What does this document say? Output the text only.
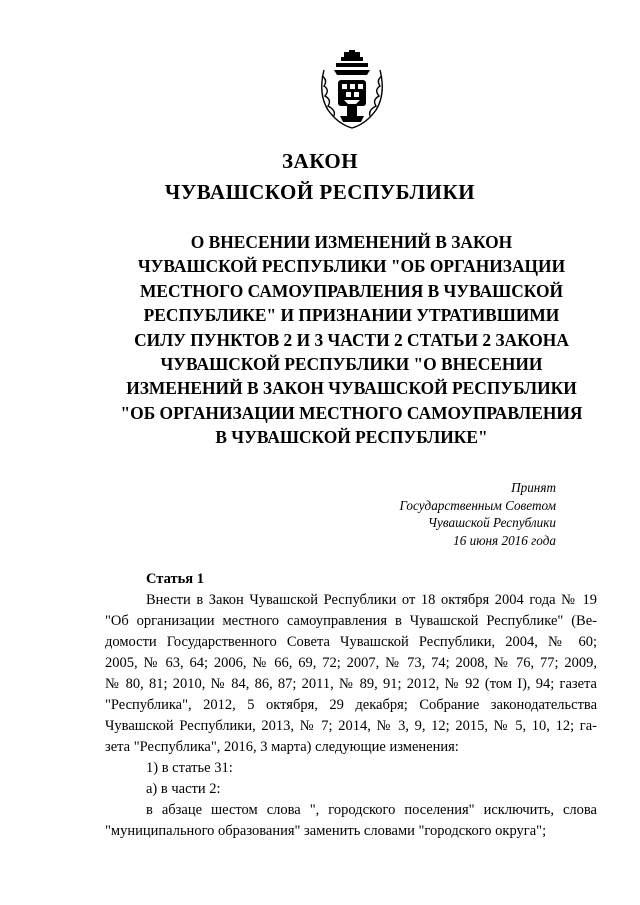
ЗАКОН
ЧУВАШСКОЙ РЕСПУБЛИКИ
О ВНЕСЕНИИ ИЗМЕНЕНИЙ В ЗАКОН
ЧУВАШСКОЙ РЕСПУБЛИКИ "ОБ ОРГАНИЗАЦИИ
МЕСТНОГО САМОУПРАВЛЕНИЯ В ЧУВАШСКОЙ
РЕСПУБЛИКЕ" И ПРИЗНАНИИ УТРАТИВШИМИ
СИЛУ ПУНКТОВ 2 И 3 ЧАСТИ 2 СТАТЬИ 2 ЗАКОНА
ЧУВАШСКОЙ РЕСПУБЛИКИ "О ВНЕСЕНИИ
ИЗМЕНЕНИЙ В ЗАКОН ЧУВАШСКОЙ РЕСПУБЛИКИ
"ОБ ОРГАНИЗАЦИИ МЕСТНОГО САМОУПРАВЛЕНИЯ
В ЧУВАШСКОЙ РЕСПУБЛИКЕ"
Принят
Государственным Советом
Чувашской Республики
16 июня 2016 года
Статья 1
Внести в Закон Чувашской Республики от 18 октября 2004 года № 19
"Об организации местного самоуправления в Чувашской Республике" (Ве-
домости Государственного Совета Чувашской Республики, 2004, № 60;
2005, № 63, 64; 2006, № 66, 69, 72; 2007, № 73, 74; 2008, № 76, 77; 2009,
№ 80, 81; 2010, № 84, 86, 87; 2011, № 89, 91; 2012, № 92 (том I), 94; газета
"Республика", 2012, 5 октября, 29 декабря; Собрание законодательства
Чувашской Республики, 2013, № 7; 2014, № 3, 9, 12; 2015, № 5, 10, 12; га-
зета "Республика", 2016, 3 марта) следующие изменения:
1) в статье 31:
а) в части 2:
в абзаце шестом слова ", городского поселения" исключить, слова
"муниципального образования" заменить словами "городского округа";
